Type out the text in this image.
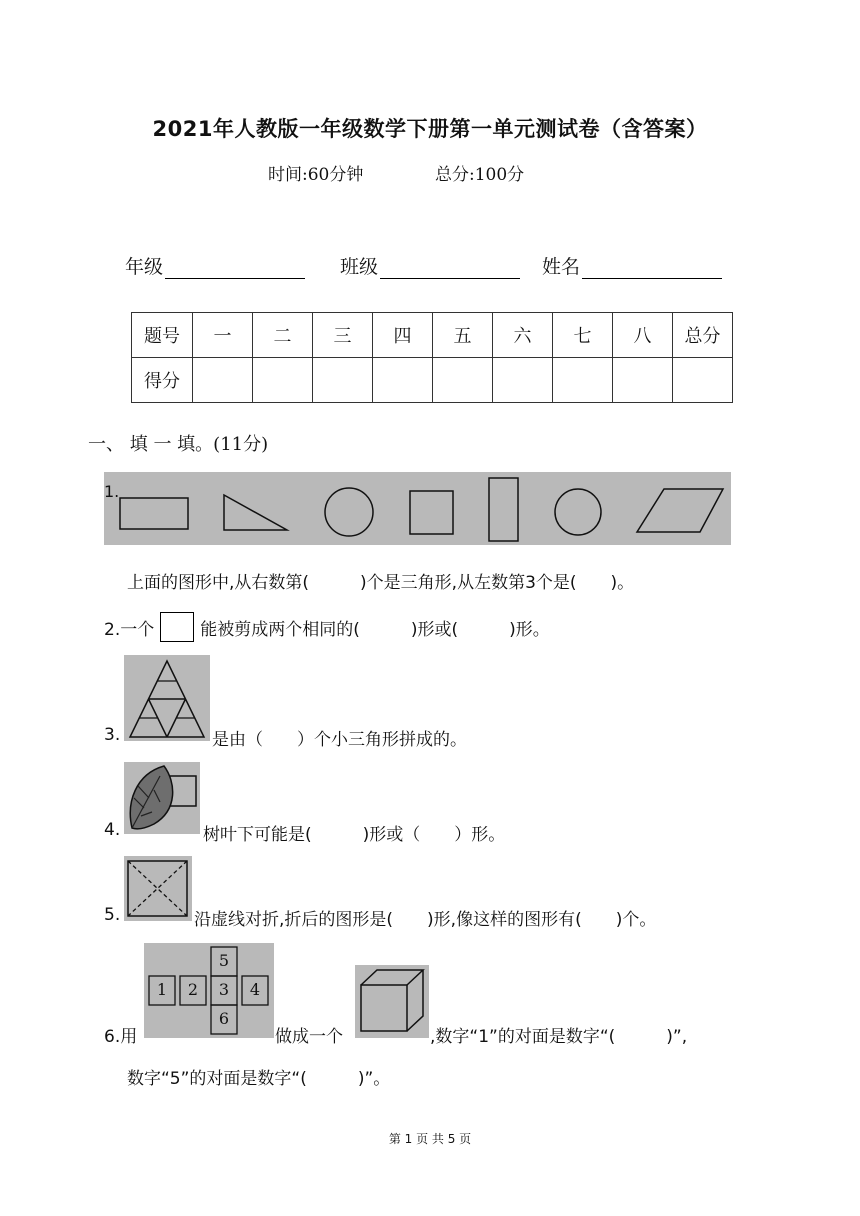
2021年人教版一年级数学下册第一单元测试卷（含答案）
时间:60分钟	总分:100分
年级	班级	姓名
题号	一	二	三	四	五	六	七	八	总分
得分									
一、 填 一 填。(11分)
1.
上面的图形中,从右数第(　　　)个是三角形,从左数第3个是(　　)。
2.一个	能被剪成两个相同的(　　　)形或(　　　)形。
3.	是由（　　）个小三角形拼成的。
4.	树叶下可能是(　　　)形或（　　）形。
5.	沿虚线对折,折后的图形是(　　)形,像这样的图形有(　　)个。
6.用
5
1	2	3	4
6
做成一个	,数字“1”的对面是数字“(　　　)”,
数字“5”的对面是数字“(　　　)”。
第 1 页 共 5 页
